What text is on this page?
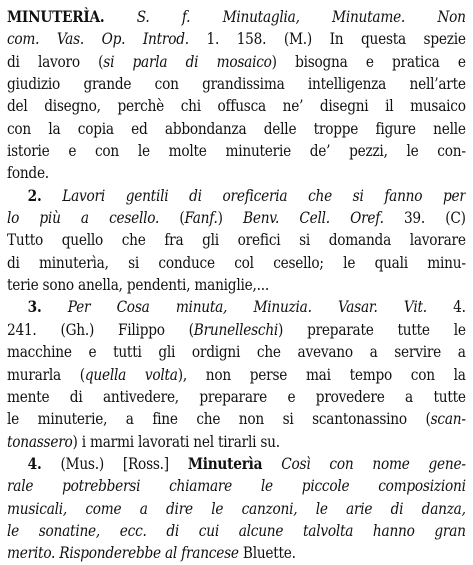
MINUTERÌA. S. f. Minutaglia, Minutame. Non
com. Vas. Op. Introd. 1. 158. (M.) In questa spezie
di lavoro (si parla di mosaico) bisogna e pratica e
giudizio grande con grandissima intelligenza nell’arte
del disegno, perchè chi offusca ne’ disegni il musaico
con la copia ed abbondanza delle troppe figure nelle
istorie e con le molte minuterie de’ pezzi, le con-
fonde.
2. Lavori gentili di oreficeria che si fanno per
lo più a cesello. (Fanf.) Benv. Cell. Oref. 39. (C)
Tutto quello che fra gli orefici si domanda lavorare
di minuterìa, si conduce col cesello; le quali minu-
terie sono anella, pendenti, maniglie,...
3. Per Cosa minuta, Minuzia. Vasar. Vit. 4.
241. (Gh.) Filippo (Brunelleschi) preparate tutte le
macchine e tutti gli ordigni che avevano a servire a
murarla (quella volta), non perse mai tempo con la
mente di antivedere, preparare e provedere a tutte
le minuterie, a fine che non si scantonassino (scan-
tonassero) i marmi lavorati nel tirarli su.
4. (Mus.) [Ross.] Minuterìa Così con nome gene-
rale potrebbersi chiamare le piccole composizioni
musicali, come a dire le canzoni, le arie di danza,
le sonatine, ecc. di cui alcune talvolta hanno gran
merito. Risponderebbe al francese Bluette.
